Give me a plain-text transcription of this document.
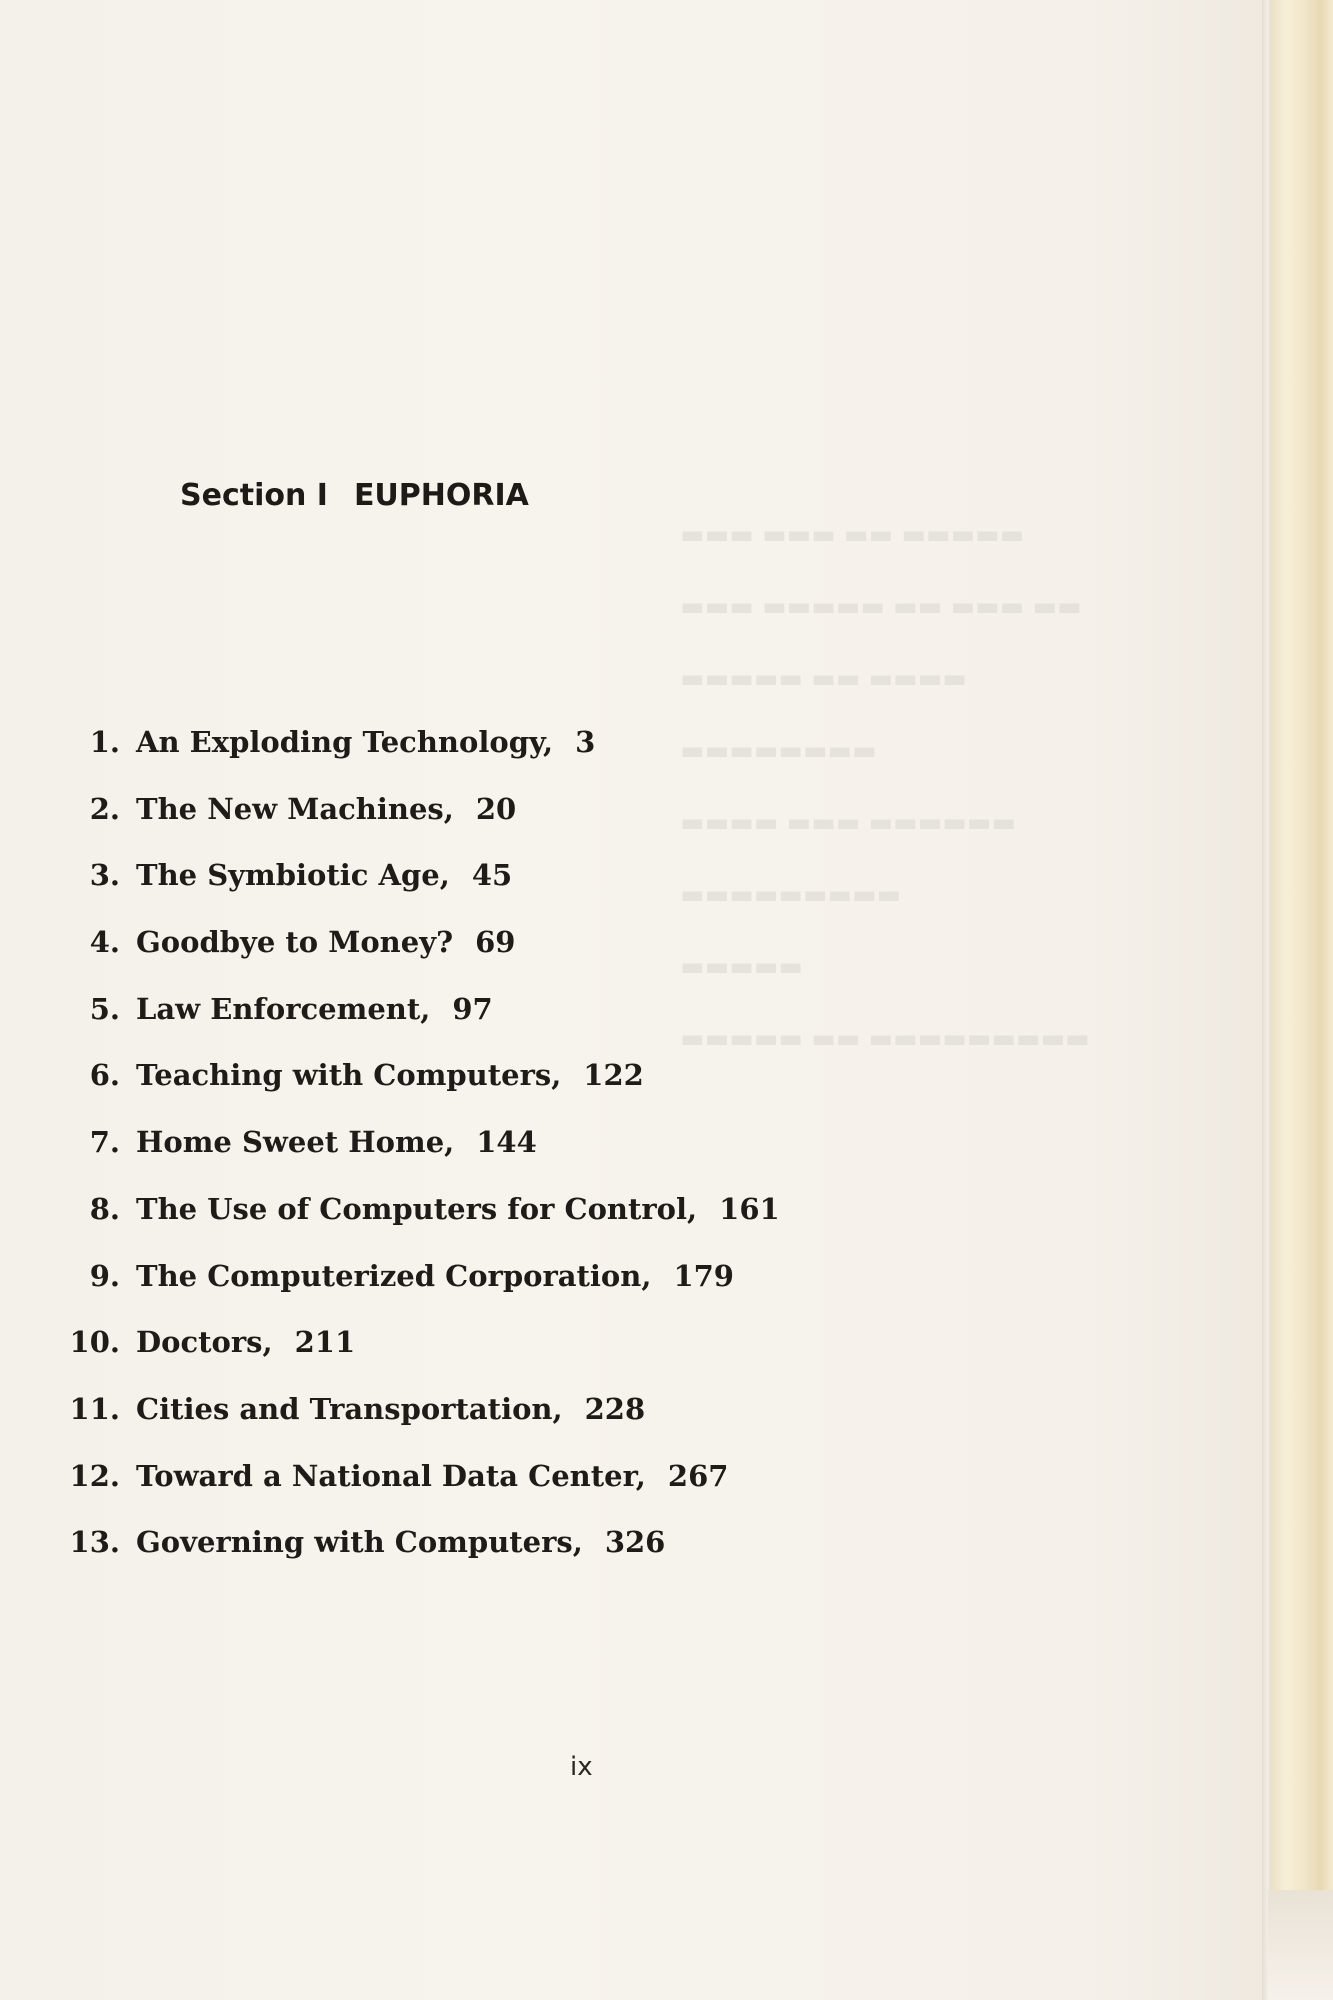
Section I EUPHORIA
1. An Exploding Technology, 3
2. The New Machines, 20
3. The Symbiotic Age, 45
4. Goodbye to Money? 69
5. Law Enforcement, 97
6. Teaching with Computers, 122
7. Home Sweet Home, 144
8. The Use of Computers for Control, 161
9. The Computerized Corporation, 179
10. Doctors, 211
11. Cities and Transportation, 228
12. Toward a National Data Center, 267
13. Governing with Computers, 326
ix
